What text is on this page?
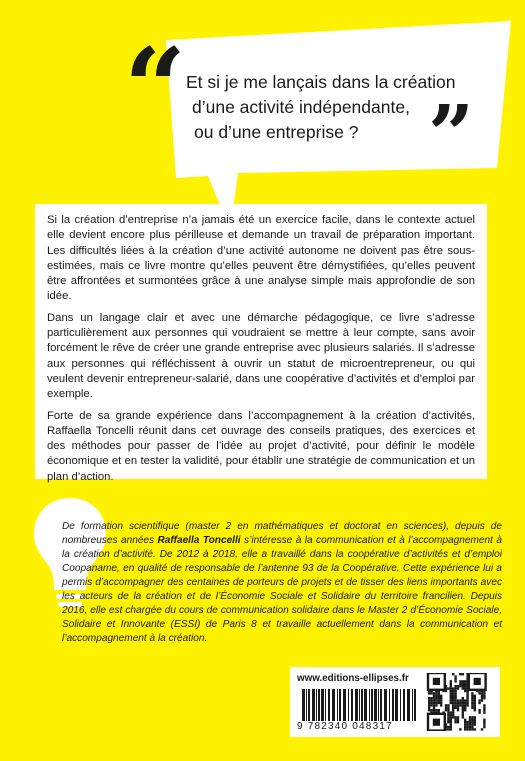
“	”
Et si je me lançais dans la création
d’une activité indépendante,
ou d’une entreprise ?

Si la création d’entreprise n’a jamais été un exercice facile, dans le contexte actuel elle devient encore plus périlleuse et demande un travail de préparation important. Les difficultés liées à la création d’une activité autonome ne doivent pas être sous-estimées, mais ce livre montre qu’elles peuvent être démystifiées, qu’elles peuvent être affrontées et surmontées grâce à une analyse simple mais approfondie de son idée.

Dans un langage clair et avec une démarche pédagogique, ce livre s’adresse particulièrement aux personnes qui voudraient se mettre à leur compte, sans avoir forcément le rêve de créer une grande entreprise avec plusieurs salariés. Il s’adresse aux personnes qui réfléchissent à ouvrir un statut de microentrepreneur, ou qui veulent devenir entrepreneur-salarié, dans une coopérative d’activités et d’emploi par exemple.

Forte de sa grande expérience dans l’accompagnement à la création d’activités, Raffaella Toncelli réunit dans cet ouvrage des conseils pratiques, des exercices et des méthodes pour passer de l’idée au projet d’activité, pour définir le modèle économique et en tester la validité, pour établir une stratégie de communication et un plan d’action.

De formation scientifique (master 2 en mathématiques et doctorat en sciences), depuis de nombreuses années Raffaella Toncelli s’intéresse à la communication et à l’accompagnement à la création d’activité. De 2012 à 2018, elle a travaillé dans la coopérative d’activités et d’emploi Coopaname, en qualité de responsable de l’antenne 93 de la Coopérative. Cette expérience lui a permis d’accompagner des centaines de porteurs de projets et de tisser des liens importants avec les acteurs de la création et de l’Économie Sociale et Solidaire du territoire francilien. Depuis 2016, elle est chargée du cours de communication solidaire dans le Master 2 d’Économie Sociale, Solidaire et Innovante (ESSI) de Paris 8 et travaille actuellement dans la communication et l’accompagnement à la création.
www.editions-ellipses.fr
9 782340 048317
